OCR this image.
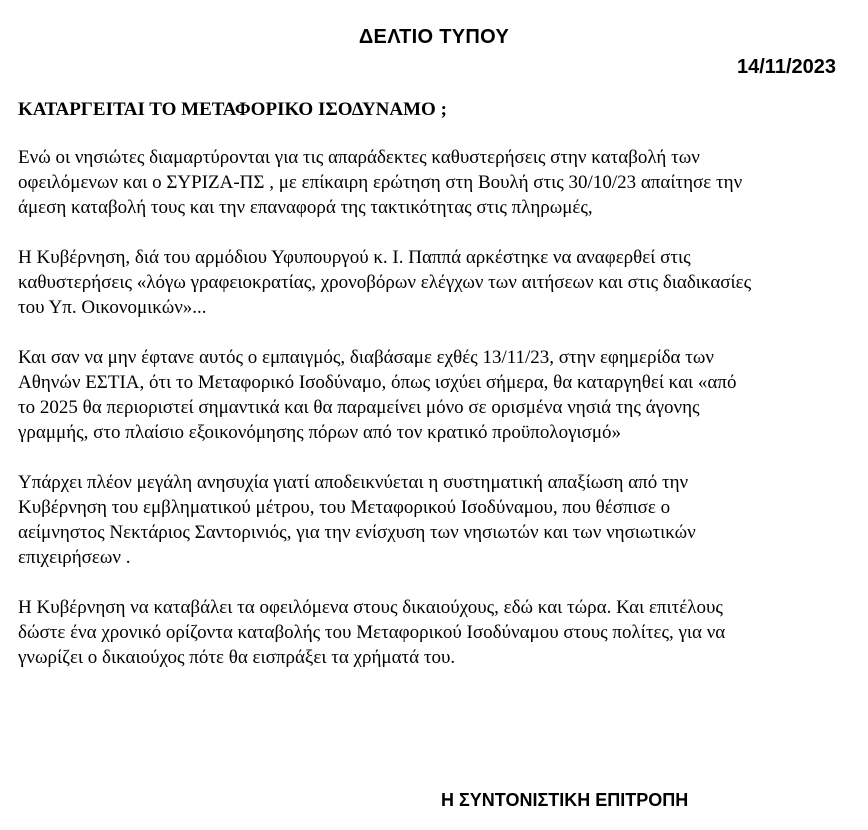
ΔΕΛΤΙΟ ΤΥΠΟΥ
14/11/2023
ΚΑΤΑΡΓΕΙΤΑΙ ΤΟ ΜΕΤΑΦΟΡΙΚΟ ΙΣΟΔΥΝΑΜΟ ;

Ενώ οι νησιώτες διαμαρτύρονται για τις απαράδεκτες καθυστερήσεις στην καταβολή των
οφειλόμενων και ο ΣΥΡΙΖΑ-ΠΣ , με επίκαιρη ερώτηση στη Βουλή στις 30/10/23 απαίτησε την
άμεση καταβολή τους και την επαναφορά της τακτικότητας στις πληρωμές,

Η Κυβέρνηση, διά του αρμόδιου Υφυπουργού κ. Ι. Παππά αρκέστηκε να αναφερθεί στις
καθυστερήσεις «λόγω γραφειοκρατίας, χρονοβόρων ελέγχων των αιτήσεων και στις διαδικασίες
του Υπ. Οικονομικών»...

Και σαν να μην έφτανε αυτός ο εμπαιγμός, διαβάσαμε εχθές 13/11/23, στην εφημερίδα των
Αθηνών ΕΣΤΙΑ, ότι το Μεταφορικό Ισοδύναμο, όπως ισχύει σήμερα, θα καταργηθεί και «από
το 2025 θα περιοριστεί σημαντικά και θα παραμείνει μόνο σε ορισμένα νησιά της άγονης
γραμμής, στο πλαίσιο εξοικονόμησης πόρων από τον κρατικό προϋπολογισμό»

Υπάρχει πλέον μεγάλη ανησυχία γιατί αποδεικνύεται η συστηματική απαξίωση από την
Κυβέρνηση του εμβληματικού μέτρου, του Μεταφορικού Ισοδύναμου, που θέσπισε ο
αείμνηστος Νεκτάριος Σαντορινιός, για την ενίσχυση των νησιωτών και των νησιωτικών
επιχειρήσεων .

Η Κυβέρνηση να καταβάλει τα οφειλόμενα στους δικαιούχους, εδώ και τώρα. Και επιτέλους
δώστε ένα χρονικό ορίζοντα καταβολής του Μεταφορικού Ισοδύναμου στους πολίτες, για να
γνωρίζει ο δικαιούχος πότε θα εισπράξει τα χρήματά του.

Η ΣΥΝΤΟΝΙΣΤΙΚΗ ΕΠΙΤΡΟΠΗ
